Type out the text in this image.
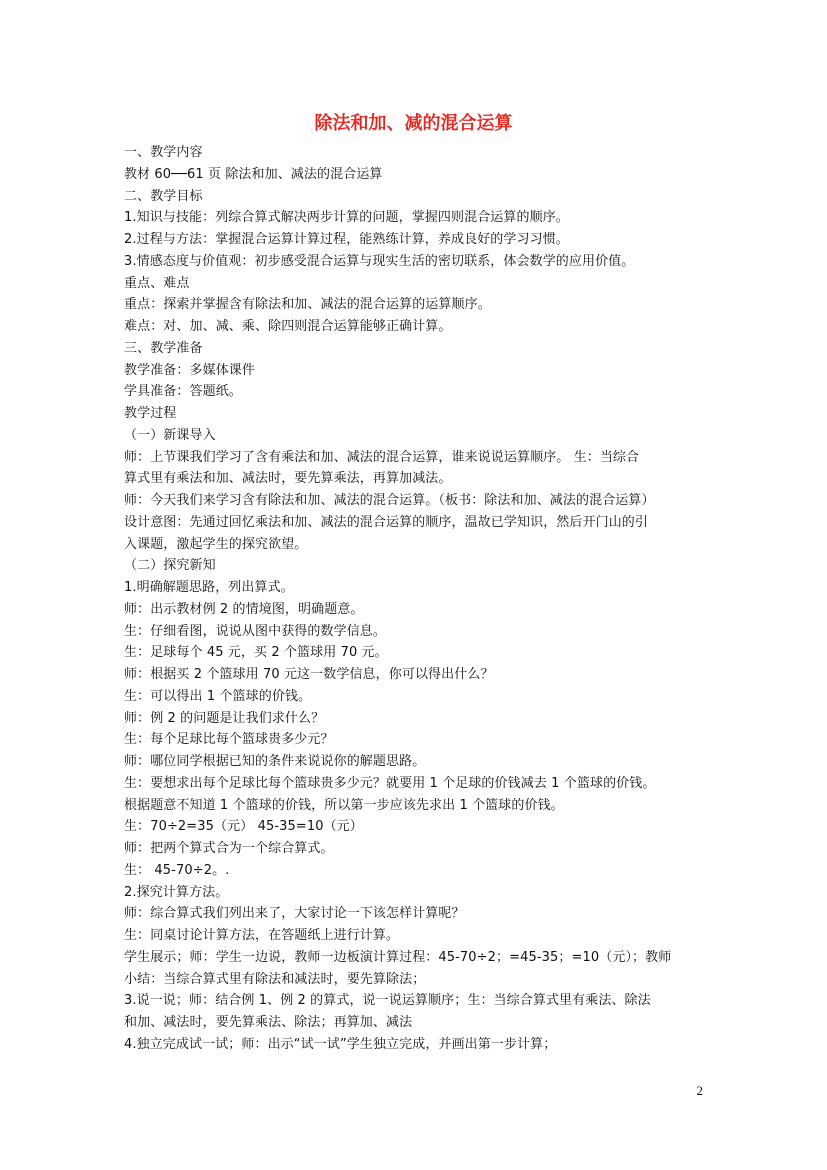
除法和加、减的混合运算

一、教学内容

教材 60──61 页 除法和加、减法的混合运算

二、教学目标

1.知识与技能：列综合算式解决两步计算的问题，掌握四则混合运算的顺序。

2.过程与方法：掌握混合运算计算过程，能熟练计算，养成良好的学习习惯。

3.情感态度与价值观：初步感受混合运算与现实生活的密切联系，体会数学的应用价值。

重点、难点

重点：探索并掌握含有除法和加、减法的混合运算的运算顺序。

难点：对、加、减、乘、除四则混合运算能够正确计算。

三、教学准备

教学准备：多媒体课件

学具准备：答题纸。

教学过程

（一）新课导入

师：上节课我们学习了含有乘法和加、减法的混合运算，谁来说说运算顺序。 生：当综合

算式里有乘法和加、减法时，要先算乘法，再算加减法。

师：今天我们来学习含有除法和加、减法的混合运算。（板书：除法和加、减法的混合运算）

设计意图：先通过回忆乘法和加、减法的混合运算的顺序，温故已学知识，然后开门山的引

入课题，激起学生的探究欲望。

（二）探究新知

1.明确解题思路，列出算式。

师：出示教材例 2 的情境图，明确题意。

生：仔细看图，说说从图中获得的数学信息。

生：足球每个 45 元，买 2 个篮球用 70 元。

师：根据买 2 个篮球用 70 元这一数学信息，你可以得出什么？

生：可以得出 1 个篮球的价钱。

师：例 2 的问题是让我们求什么？

生：每个足球比每个篮球贵多少元？

师：哪位同学根据已知的条件来说说你的解题思路。

生：要想求出每个足球比每个篮球贵多少元？就要用 1 个足球的价钱减去 1 个篮球的价钱。

根据题意不知道 1 个篮球的价钱，所以第一步应该先求出 1 个篮球的价钱。

生：70÷2=35（元） 45-35=10（元）

师：把两个算式合为一个综合算式。

生： 45-70÷2。.

2.探究计算方法。

师：综合算式我们列出来了，大家讨论一下该怎样计算呢？

生：同桌讨论计算方法，在答题纸上进行计算。

学生展示；师：学生一边说，教师一边板演计算过程：45-70÷2；=45-35；=10（元）；教师

小结：当综合算式里有除法和减法时，要先算除法；

3.说一说；师：结合例 1、例 2 的算式，说一说运算顺序；生：当综合算式里有乘法、除法

和加、减法时，要先算乘法、除法；再算加、减法

4.独立完成试一试；师：出示“试一试”学生独立完成，并画出第一步计算；

2
